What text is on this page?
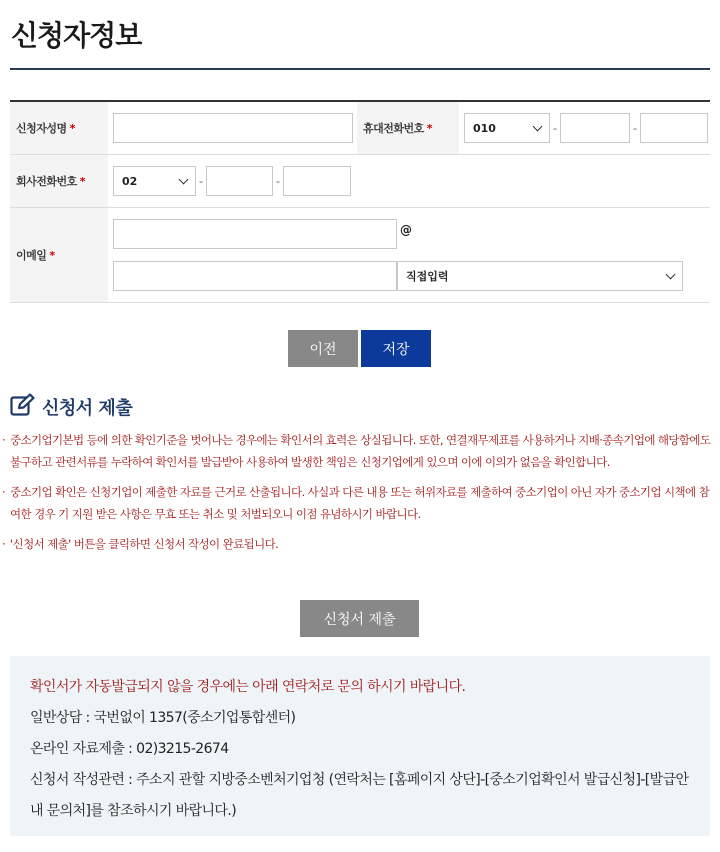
신청자정보
신청자성명 *	휴대전화번호 *	010	-	-
회사전화번호 *	02	-	-
이메일 *
@
직접입력
이전	저장
신청서 제출
· 중소기업기본법 등에 의한 확인기준을 벗어나는 경우에는 확인서의 효력은 상실됩니다. 또한, 연결재무제표를 사용하거나 지배·종속기업에 해당함에도 불구하고 관련서류를 누락하여 확인서를 발급받아 사용하여 발생한 책임은 신청기업에게 있으며 이에 이의가 없음을 확인합니다.
· 중소기업 확인은 신청기업이 제출한 자료를 근거로 산출됩니다. 사실과 다른 내용 또는 허위자료를 제출하여 중소기업이 아닌 자가 중소기업 시책에 참여한 경우 기 지원 받은 사항은 무효 또는 취소 및 처벌되오니 이점 유념하시기 바랍니다.
· '신청서 제출' 버튼을 클릭하면 신청서 작성이 완료됩니다.
신청서 제출
확인서가 자동발급되지 않을 경우에는 아래 연락처로 문의 하시기 바랍니다.
일반상담 : 국번없이 1357(중소기업통합센터)
온라인 자료제출 : 02)3215-2674
신청서 작성관련 : 주소지 관할 지방중소벤처기업청 (연락처는 [홈페이지 상단]-[중소기업확인서 발급신청]-[발급안내 문의처]를 참조하시기 바랍니다.)
